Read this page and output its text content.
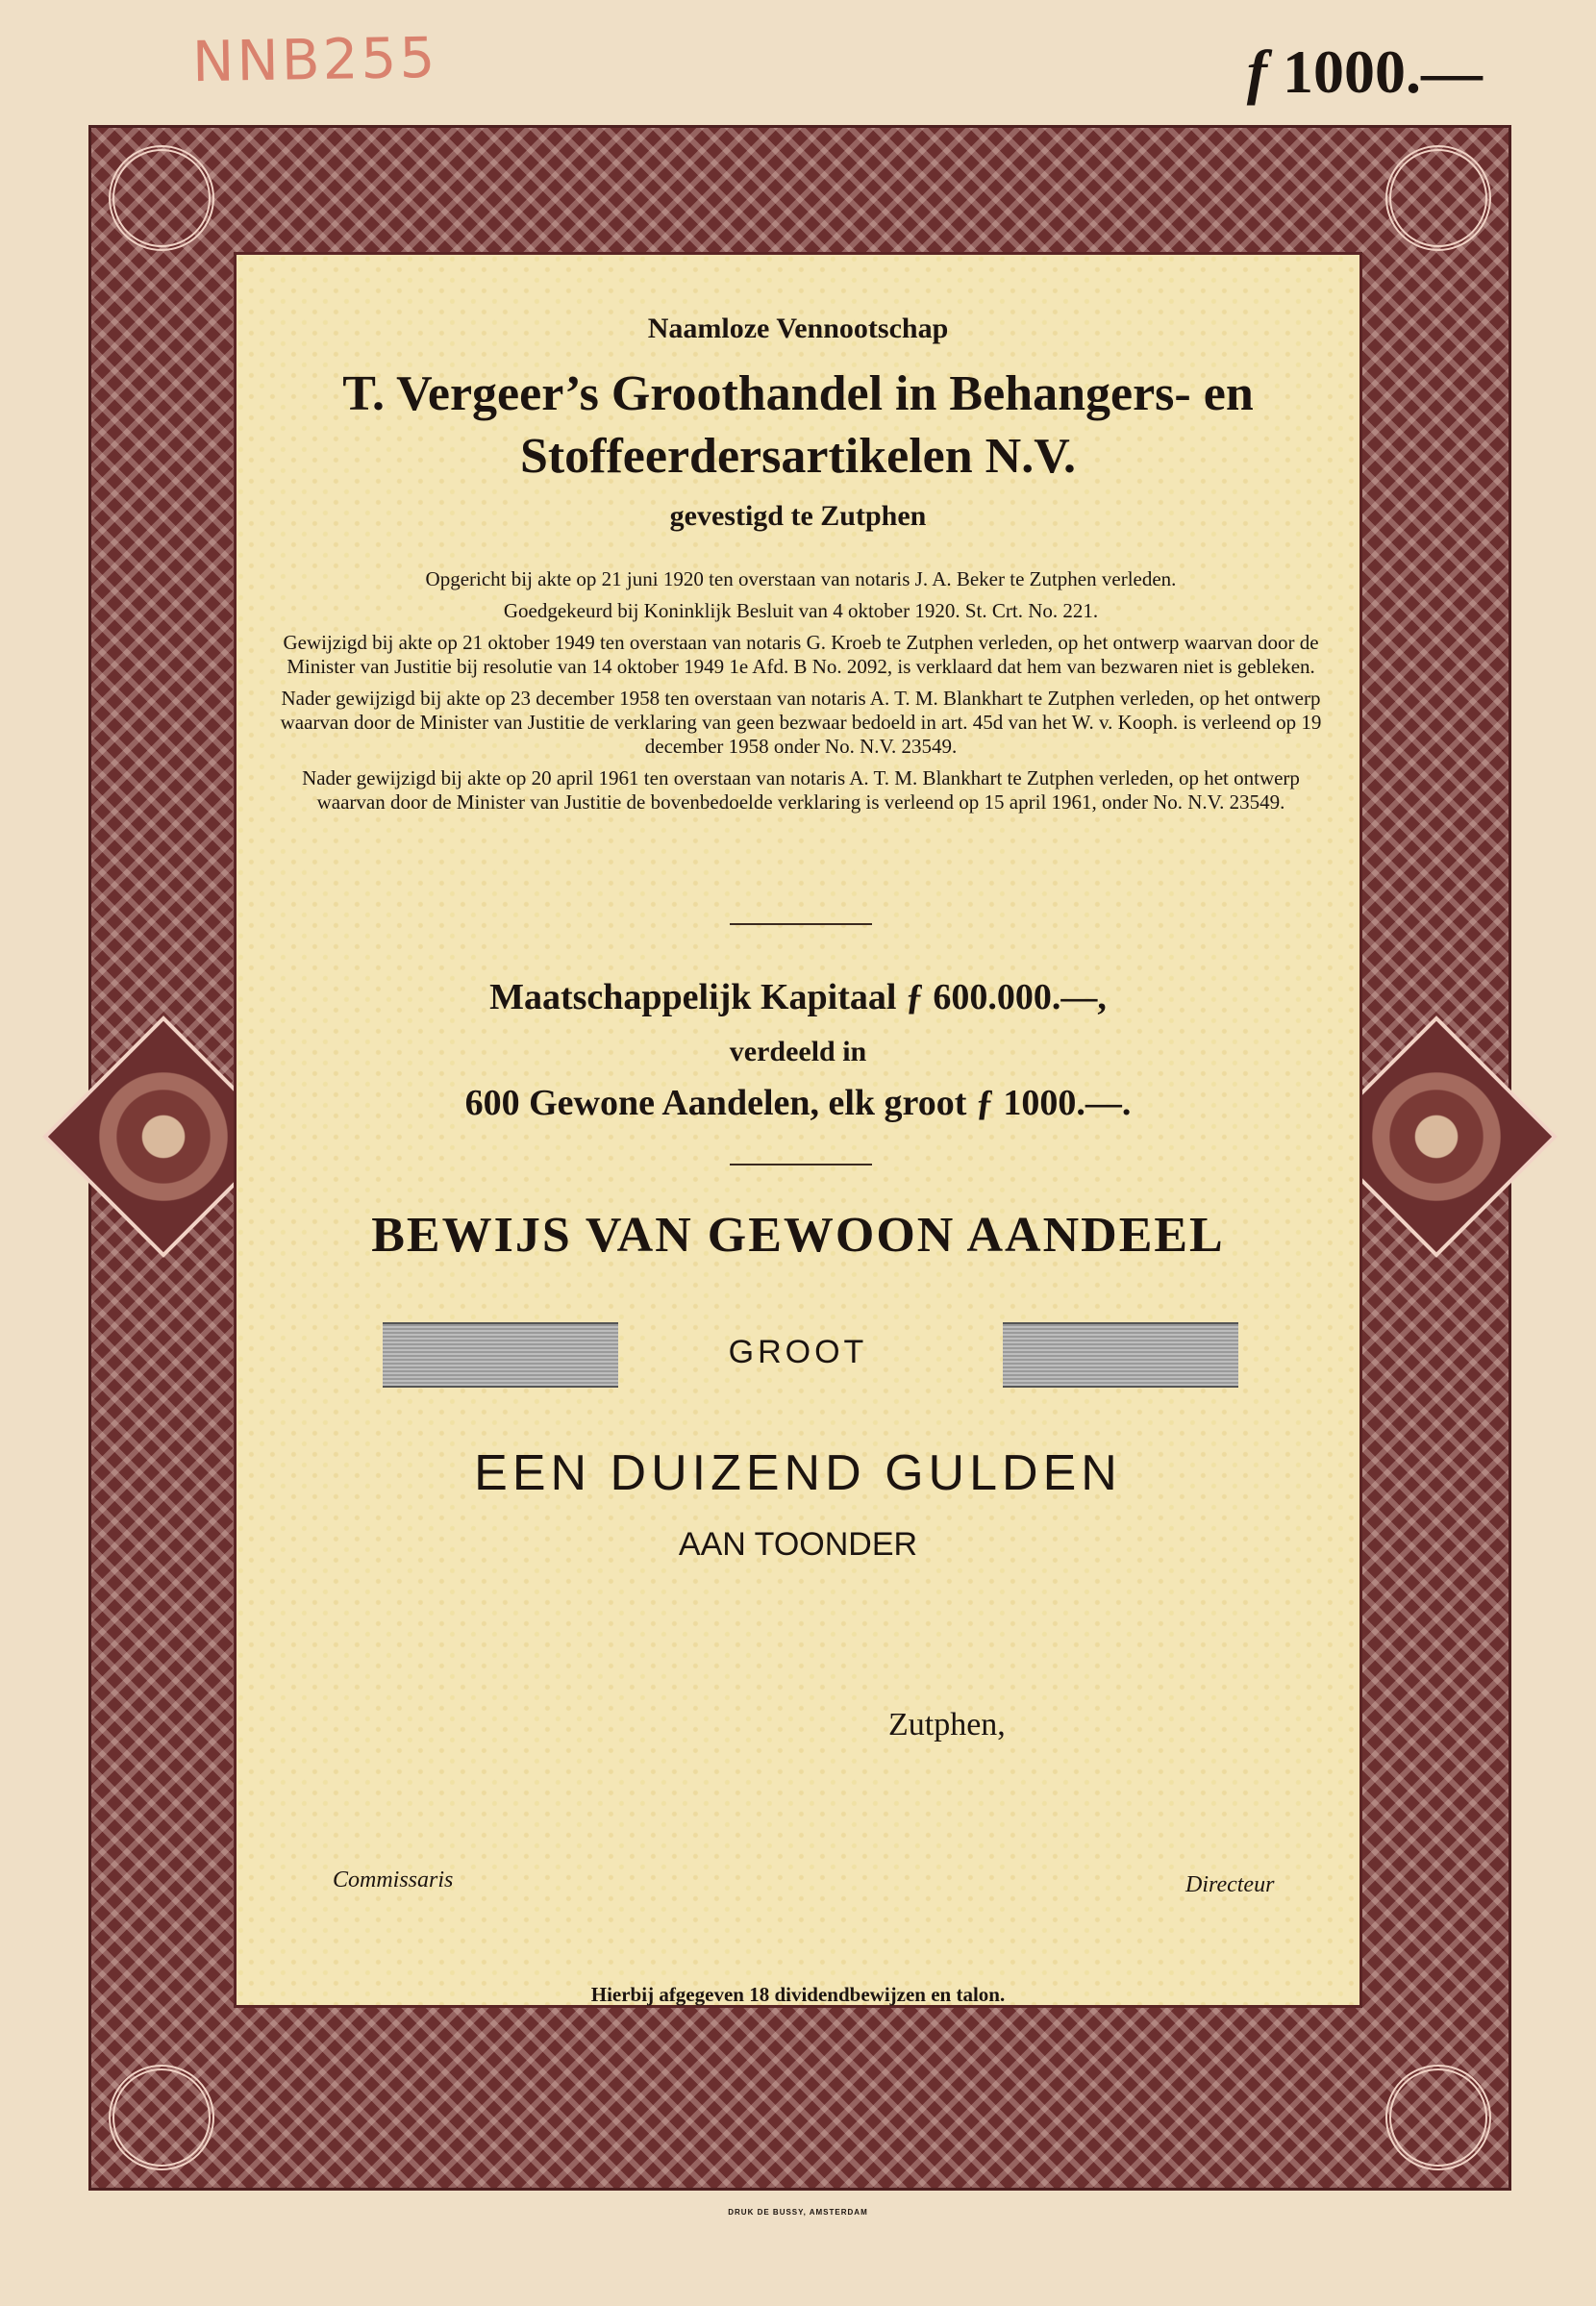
NNB255	f 1000.—
Naamloze Vennootschap
T. Vergeer’s Groothandel in Behangers- en
Stoffeerdersartikelen N.V.
gevestigd te Zutphen

Opgericht bij akte op 21 juni 1920 ten overstaan van notaris J. A. Beker te Zutphen verleden.

Goedgekeurd bij Koninklijk Besluit van 4 oktober 1920. St. Crt. No. 221.

Gewijzigd bij akte op 21 oktober 1949 ten overstaan van notaris G. Kroeb te Zutphen verleden, op het ontwerp waarvan door de Minister van Justitie bij resolutie van 14 oktober 1949 1e Afd. B No. 2092, is verklaard dat hem van bezwaren niet is gebleken.

Nader gewijzigd bij akte op 23 december 1958 ten overstaan van notaris A. T. M. Blankhart te Zutphen verleden, op het ontwerp waarvan door de Minister van Justitie de verklaring van geen bezwaar bedoeld in art. 45d van het W. v. Kooph. is verleend op 19 december 1958 onder No. N.V. 23549.

Nader gewijzigd bij akte op 20 april 1961 ten overstaan van notaris A. T. M. Blankhart te Zutphen verleden, op het ontwerp waarvan door de Minister van Justitie de bovenbedoelde verklaring is verleend op 15 april 1961, onder No. N.V. 23549.

Maatschappelijk Kapitaal ƒ 600.000.—,
verdeeld in
600 Gewone Aandelen, elk groot ƒ 1000.—.
BEWIJS VAN GEWOON AANDEEL
GROOT
EEN DUIZEND GULDEN
AAN TOONDER
Zutphen,
Commissaris	Directeur
Hierbij afgegeven 18 dividendbewijzen en talon.
DRUK DE BUSSY, AMSTERDAM
